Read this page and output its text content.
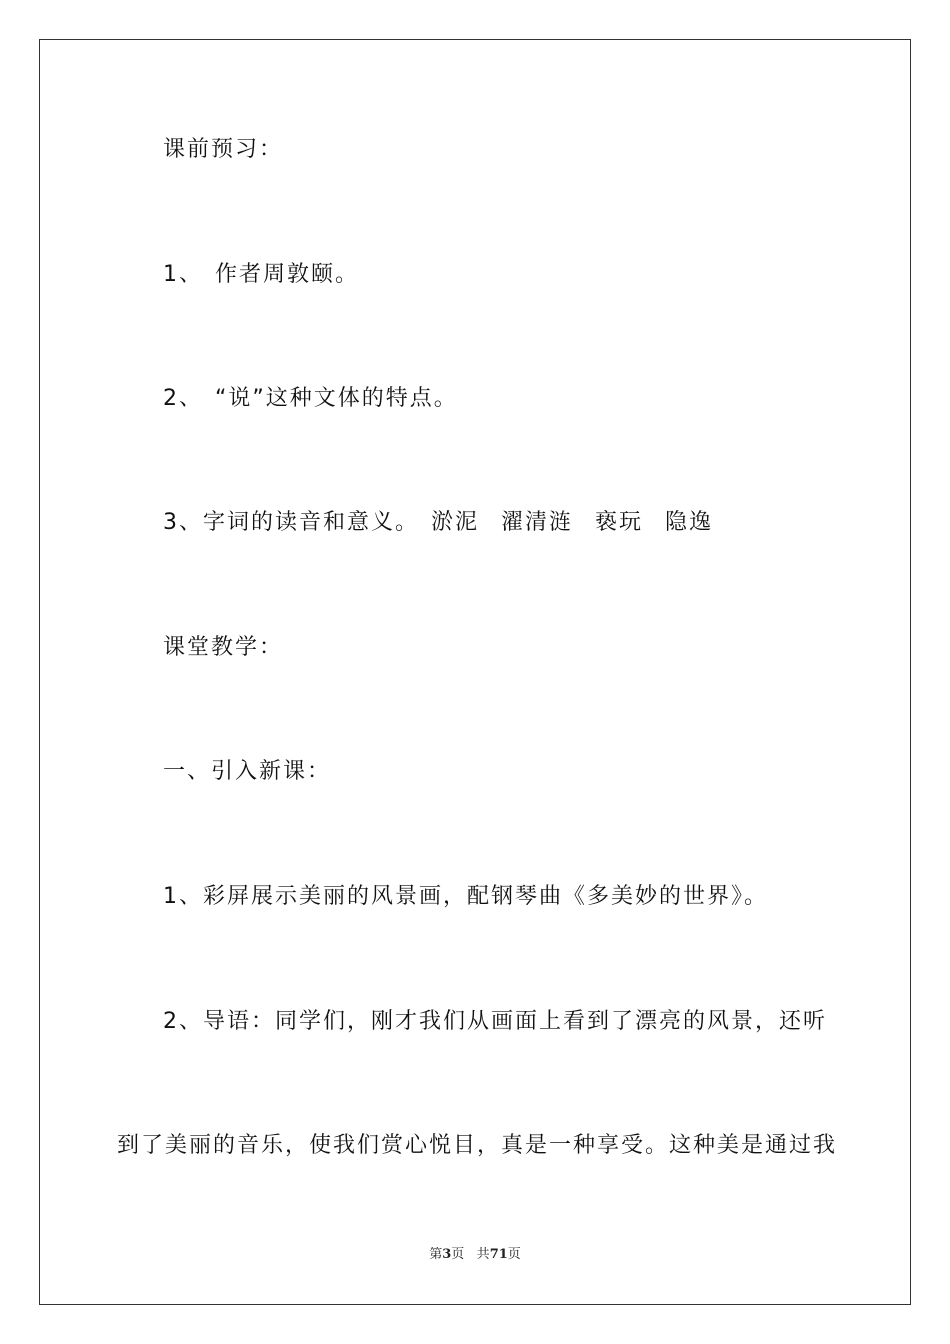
课前预习：
1、 作者周敦颐。
2、 “说”这种文体的特点。
3、字词的读音和意义。 淤泥 濯清涟 亵玩 隐逸
课堂教学：
一、引入新课：
1、彩屏展示美丽的风景画，配钢琴曲《多美妙的世界》。
2、导语：同学们，刚才我们从画面上看到了漂亮的风景，还听
到了美丽的音乐，使我们赏心悦目，真是一种享受。这种美是通过我
第3页 共71页
